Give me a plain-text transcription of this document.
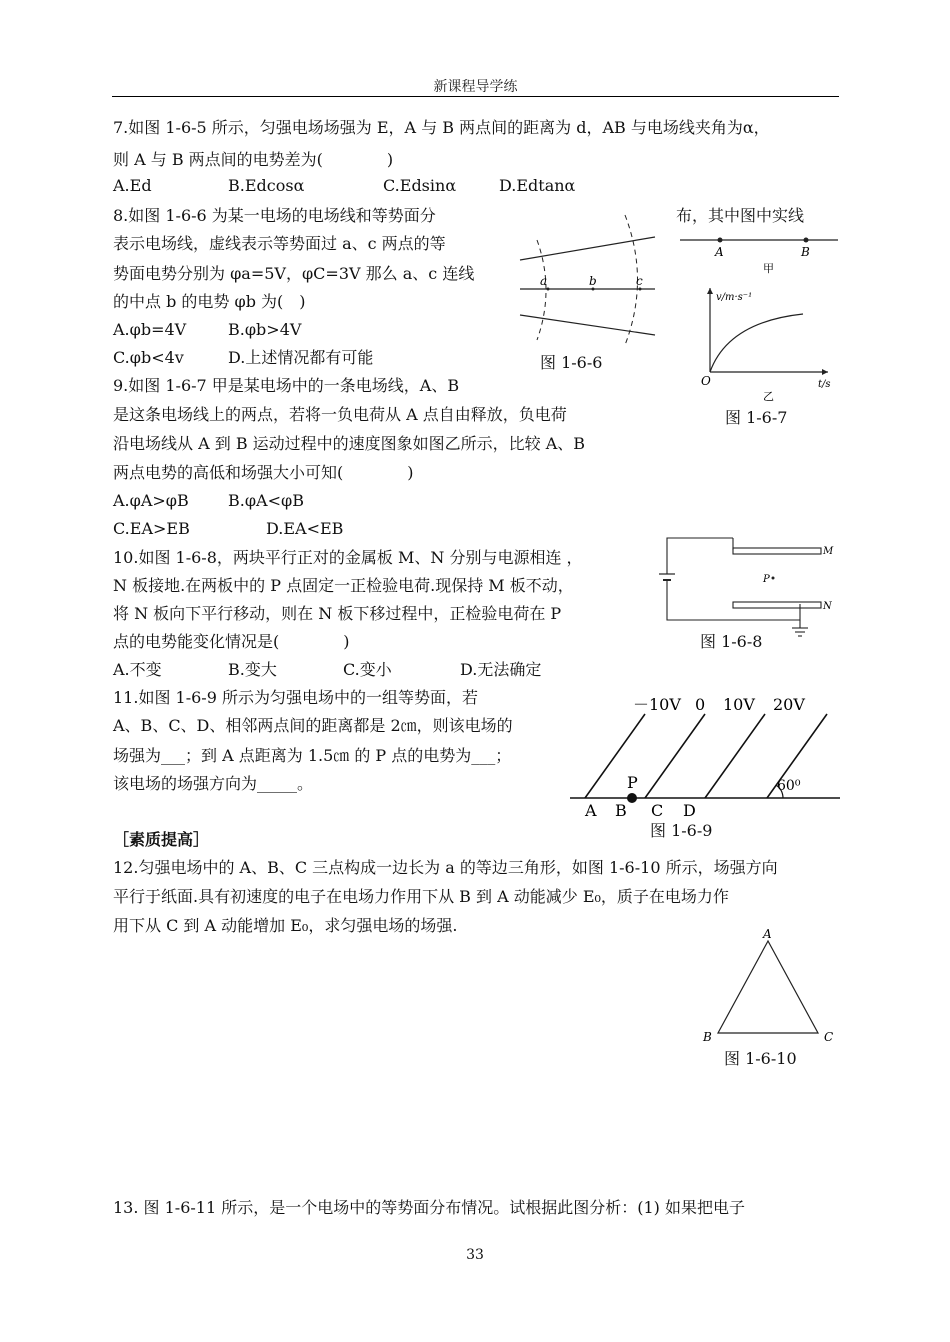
新课程导学练
7.如图 1-6-5 所示，匀强电场场强为 E，A 与 B 两点间的距离为 d，AB 与电场线夹角为α，
则 A 与 B 两点间的电势差为(　　　　)
A.Ed	B.Edcosα	C.Edsinα	D.Edtanα
8.如图 1-6-6 为某一电场的电场线和等势面分	布，其中图中实线
表示电场线，虚线表示等势面过 a、c 两点的等
势面电势分别为 φa=5V，φC=3V 那么 a、c 连线
的中点 b 的电势 φb 为(　)
A.φb=4V	B.φb>4V
C.φb<4v	D.上述情况都有可能
a	b	c
图 1-6-6
A	B
甲
v/m·s⁻¹
O	t/s
乙
图 1-6-7
9.如图 1-6-7 甲是某电场中的一条电场线，A、B
是这条电场线上的两点，若将一负电荷从 A 点自由释放，负电荷
沿电场线从 A 到 B 运动过程中的速度图象如图乙所示，比较 A、B
两点电势的高低和场强大小可知(　　　　)
A.φA>φB B.φA<φB
C.EA>EB	D.EA<EB
10.如图 1-6-8，两块平行正对的金属板 M、N 分别与电源相连 ，
N 板接地.在两板中的 P 点固定一正检验电荷.现保持 M 板不动，
将 N 板向下平行移动，则在 N 板下移过程中，正检验电荷在 P
点的电势能变化情况是(　　　　)
A.不变	B.变大	C.变小	D.无法确定
M
P
N
图 1-6-8
11.如图 1-6-9 所示为匀强电场中的一组等势面，若
A、B、C、D、相邻两点间的距离都是 2㎝，则该电场的
场强为___；到 A 点距离为 1.5㎝ 的 P 点的电势为___；
该电场的场强方向为_____。
－10V 0 10V 20V
P
A B C D
60⁰
图 1-6-9
［素质提高］
12.匀强电场中的 A、B、C 三点构成一边长为 a 的等边三角形，如图 1-6-10 所示，场强方向
平行于纸面.具有初速度的电子在电场力作用下从 B 到 A 动能减少 E₀，质子在电场力作
用下从 C 到 A 动能增加 E₀，求匀强电场的场强.	A
B	C
图 1-6-10
13. 图 1-6-11 所示，是一个电场中的等势面分布情况。试根据此图分析：(1) 如果把电子
33
